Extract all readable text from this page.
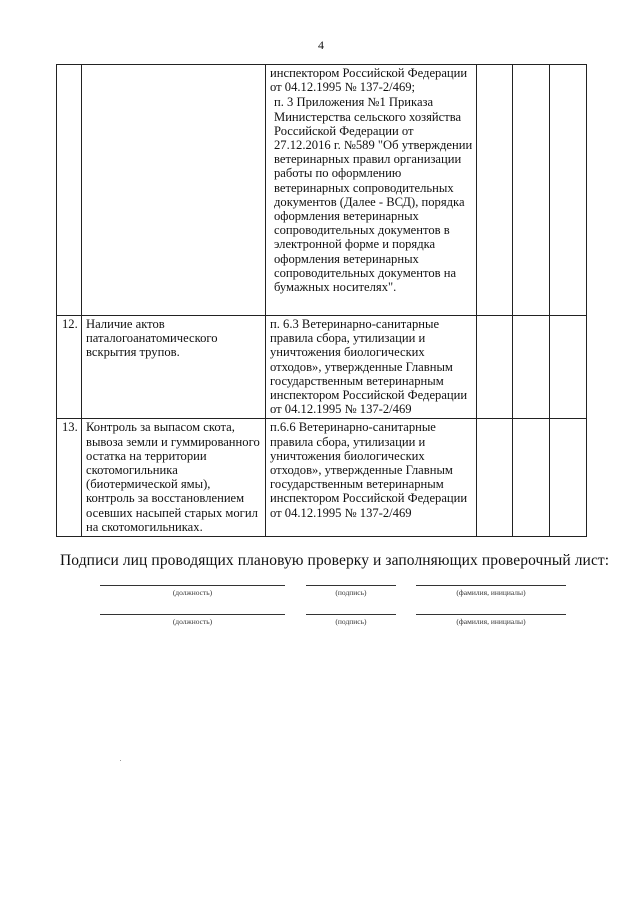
4

		инспектором Российской Федерации от 04.12.1995 № 137-2/469;
п. 3 Приложения №1 Приказа Министерства сельского хозяйства Российской Федерации от 27.12.2016 г. №589 "Об утверждении ветеринарных правил организации работы по оформлению ветеринарных сопроводительных документов (Далее - ВСД), порядка оформления ветеринарных сопроводительных документов в электронной форме и порядка оформления ветеринарных сопроводительных документов на бумажных носителях".			

12.	Наличие актов паталогоанатомического вскрытия трупов.	п. 6.3 Ветеринарно-санитарные правила сбора, утилизации и уничтожения биологических отходов», утвержденные Главным государственным ветеринарным инспектором Российской Федерации от 04.12.1995 № 137-2/469			

13.	Контроль за выпасом скота, вывоза земли и гуммированного остатка на территории скотомогильника (биотермической ямы), контроль за восстановлением осевших насыпей старых могил на скотомогильниках.	п.6.6 Ветеринарно-санитарные правила сбора, утилизации и уничтожения биологических отходов», утвержденные Главным государственным ветеринарным инспектором Российской Федерации от 04.12.1995 № 137-2/469			

Подписи лиц проводящих плановую проверку и заполняющих проверочный лист:
(должность)	(подпись)	(фамилия, инициалы)
(должность)	(подпись)	(фамилия, инициалы)
